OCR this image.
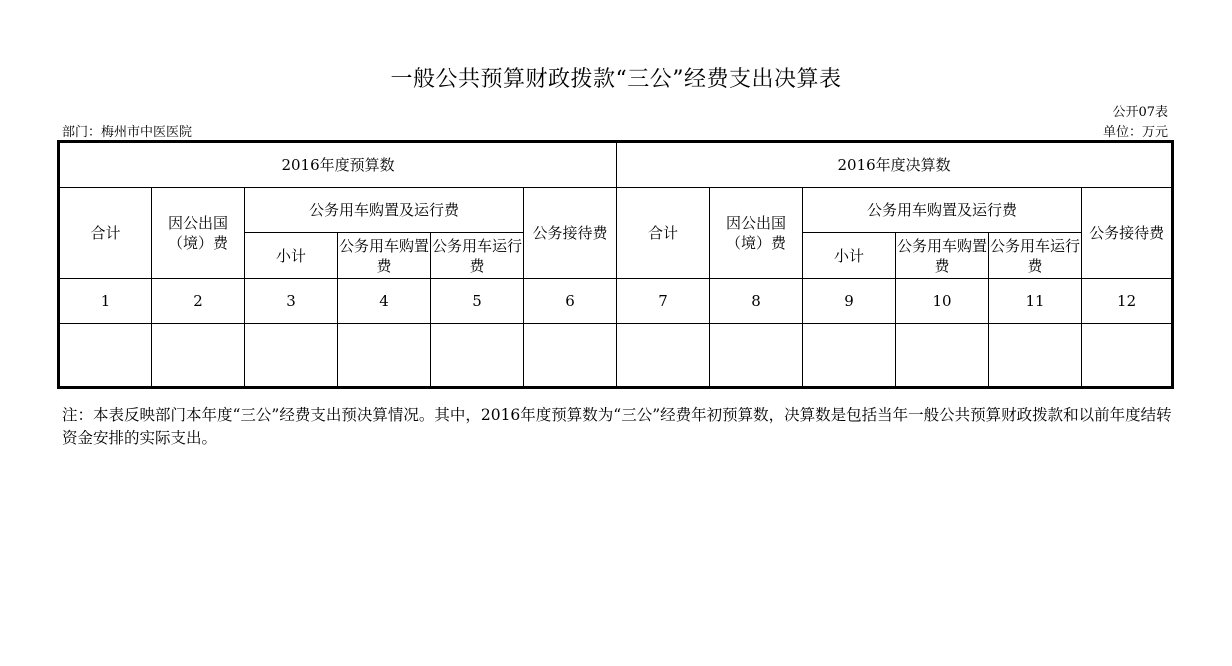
一般公共预算财政拨款“三公”经费支出决算表
公开07表
部门：梅州市中医医院	单位：万元
2016年度预算数						2016年度决算数					
合计	因公出国（境）费	公务用车购置及运行费			公务接待费	合计	因公出国（境）费	公务用车购置及运行费			公务接待费
		小计	公务用车购置费	公务用车运行费				小计	公务用车购置费	公务用车运行费	
1	2	3	4	5	6	7	8	9	10	11	12

注：本表反映部门本年度“三公”经费支出预决算情况。其中，2016年度预算数为“三公”经费年初预算数，决算数是包括当年一般公共预算财政拨款和以前年度结转资金安排的实际支出。
